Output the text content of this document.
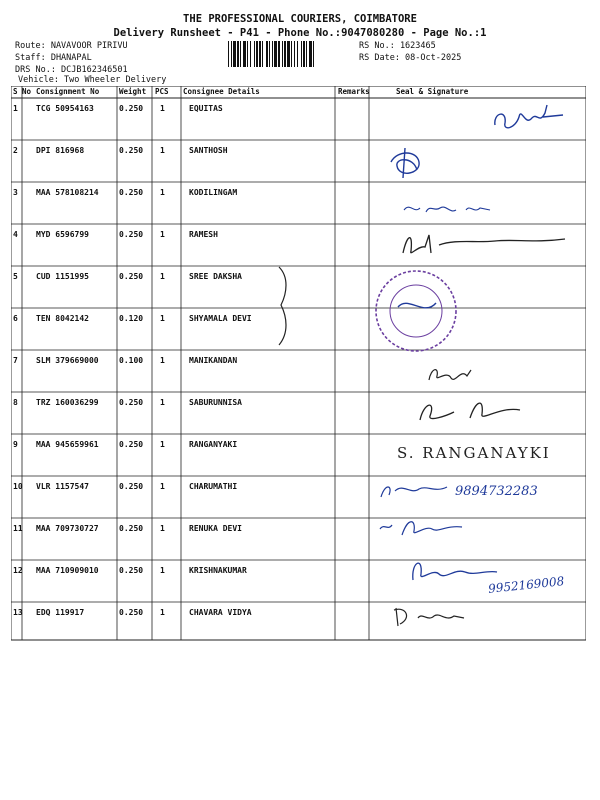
THE PROFESSIONAL COURIERS, COIMBATORE
Delivery Runsheet - P41 - Phone No.:9047080280 - Page No.:1
Route: NAVAVOOR PIRIVU
Staff: DHANAPAL
DRS No.: DCJB162346501
Vehicle: Two Wheeler Delivery
RS No.: 1623465
RS Date: 08-Oct-2025
S No Consignment No	Weight PCS Consignee Details	Remarks	Seal & Signature
1 TCG 50954163	0.250 1	EQUITAS
2 DPI 816968	0.250 1	SANTHOSH
3 MAA 578108214	0.250 1	KODILINGAM
4 MYD 6596799	0.250 1	RAMESH
5 CUD 1151995	0.250 1	SREE DAKSHA
6 TEN 8042142	0.120 1	SHYAMALA DEVI
7 SLM 379669000	0.100 1	MANIKANDAN
8 TRZ 160036299	0.250 1	SABURUNNISA
9 MAA 945659961	0.250 1	RANGANYAKI
10 VLR 1157547	0.250 1	CHARUMATHI
11 MAA 709730727	0.250 1	RENUKA DEVI
12 MAA 710909010	0.250 1	KRISHNAKUMAR
13 EDQ 119917	0.250 1	CHAVARA VIDYA
S. RANGANAYKI
9894732283
9952169008
